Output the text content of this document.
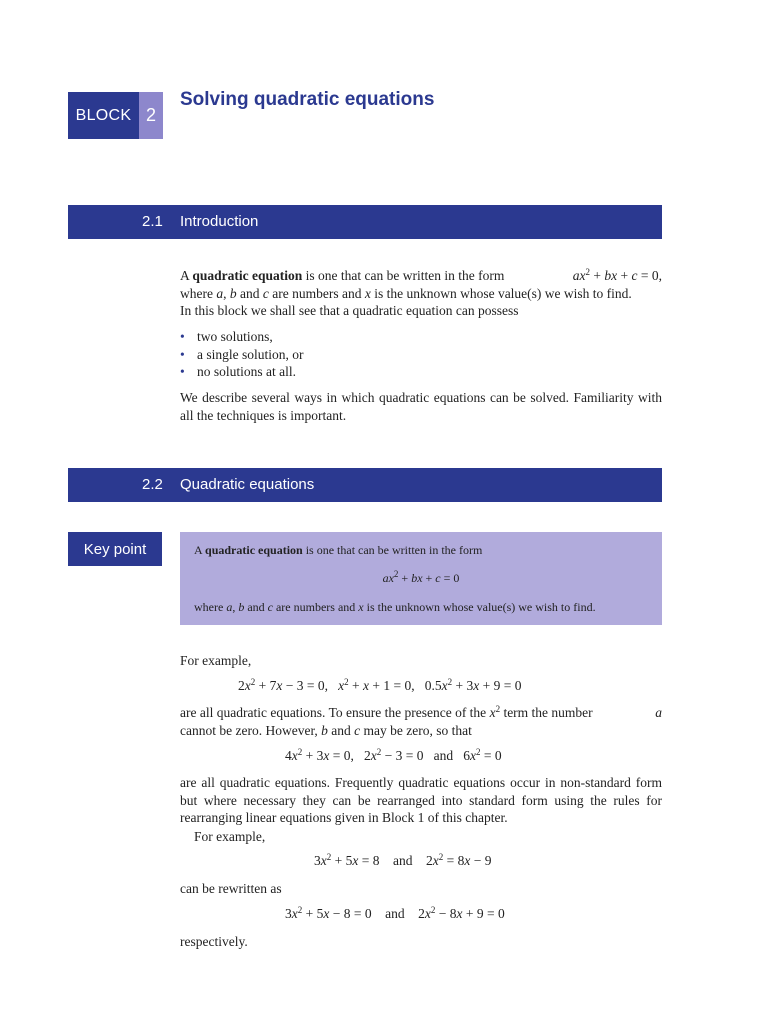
BLOCK 2
Solving quadratic equations
2.1 Introduction
A quadratic equation is one that can be written in the form	$ax^2$ + bx + c = 0,
where a, b and c are numbers and x is the unknown whose value(s) we wish to find.
In this block we shall see that a quadratic equation can possess
• two solutions,
• a single solution, or
• no solutions at all.
We describe several ways in which quadratic equations can be solved. Familiarity with all the techniques is important.
2.2 Quadratic equations
Key point	A quadratic equation is one that can be written in the form
$ax^2$ + bx + c = 0
where a, b and c are numbers and x is the unknown whose value(s) we wish to find.
For example,
$2x^2 + 7x - 3 = 0$,   $x^2 + x + 1 = 0$,   $0.5x^2 + 3x + 9 = 0$
are all quadratic equations. To ensure the presence of the $x^2$ term the number	a
cannot be zero. However, b and c may be zero, so that
$4x^2 + 3x = 0$,   $2x^2 - 3 = 0$   and   $6x^2 = 0$
are all quadratic equations. Frequently quadratic equations occur in non-standard form but where necessary they can be rearranged into standard form using the rules for rearranging linear equations given in Block 1 of this chapter.
For example,
$3x^2 + 5x = 8$    and    $2x^2 = 8x - 9$
can be rewritten as
$3x^2 + 5x - 8 = 0$    and    $2x^2 - 8x + 9 = 0$
respectively.
